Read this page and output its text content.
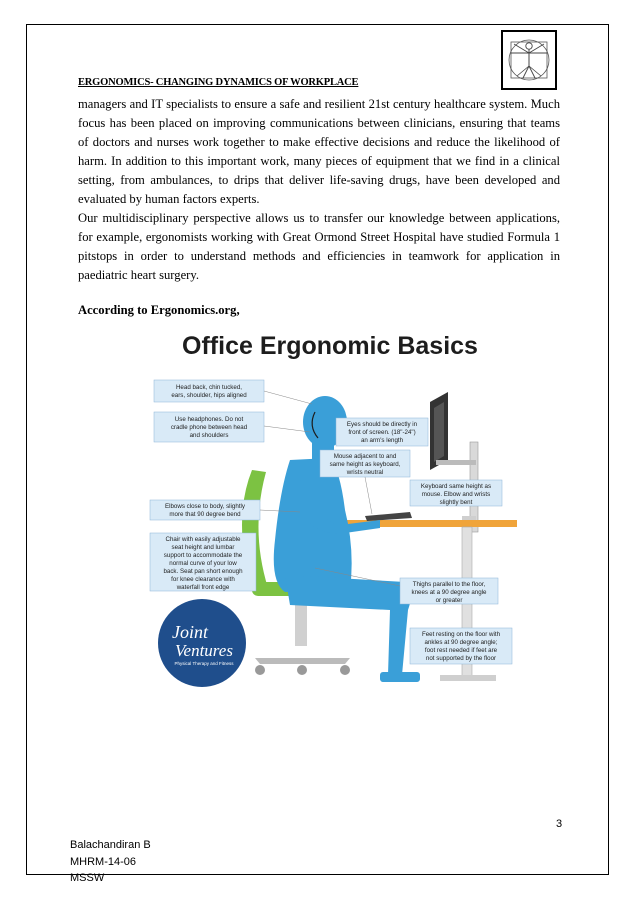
ERGONOMICS- CHANGING DYNAMICS OF WORKPLACE

managers and IT specialists to ensure a safe and resilient 21st century healthcare system. Much focus has been placed on improving communications between clinicians, ensuring that teams of doctors and nurses work together to make effective decisions and reduce the likelihood of harm. In addition to this important work, many pieces of equipment that we find in a clinical setting, from ambulances, to drips that deliver life-saving drugs, have been developed and evaluated by human factors experts.

Our multidisciplinary perspective allows us to transfer our knowledge between applications, for example, ergonomists working with Great Ormond Street Hospital have studied Formula 1 pitstops in order to understand methods and efficiencies in teamwork for application in paediatric heart surgery.

According to Ergonomics.org,
Office Ergonomic Basics
Head back, chin tucked,
ears, shoulder, hips aligned
Use headphones. Do not
cradle phone between head
and shoulders
Eyes should be directly in
front of screen. (18"-24")
an arm's length
Mouse adjacent to and
same height as keyboard,
wrists neutral
Keyboard same height as
mouse. Elbow and wrists
slightly bent
Elbows close to body, slightly
more that 90 degree bend
Chair with easily adjustable
seat height and lumbar
support to accommodate the
normal curve of your low
back. Seat pan short enough
for knee clearance with
waterfall front edge	Thighs parallel to the floor,
knees at a 90 degree angle
or greater
Feet resting on the floor with
ankles at 90 degree angle;
foot rest needed if feet are
not supported by the floor
Joint
Ventures
Physical Therapy and Fitness
3
Balachandiran B
MHRM-14-06
MSSW
